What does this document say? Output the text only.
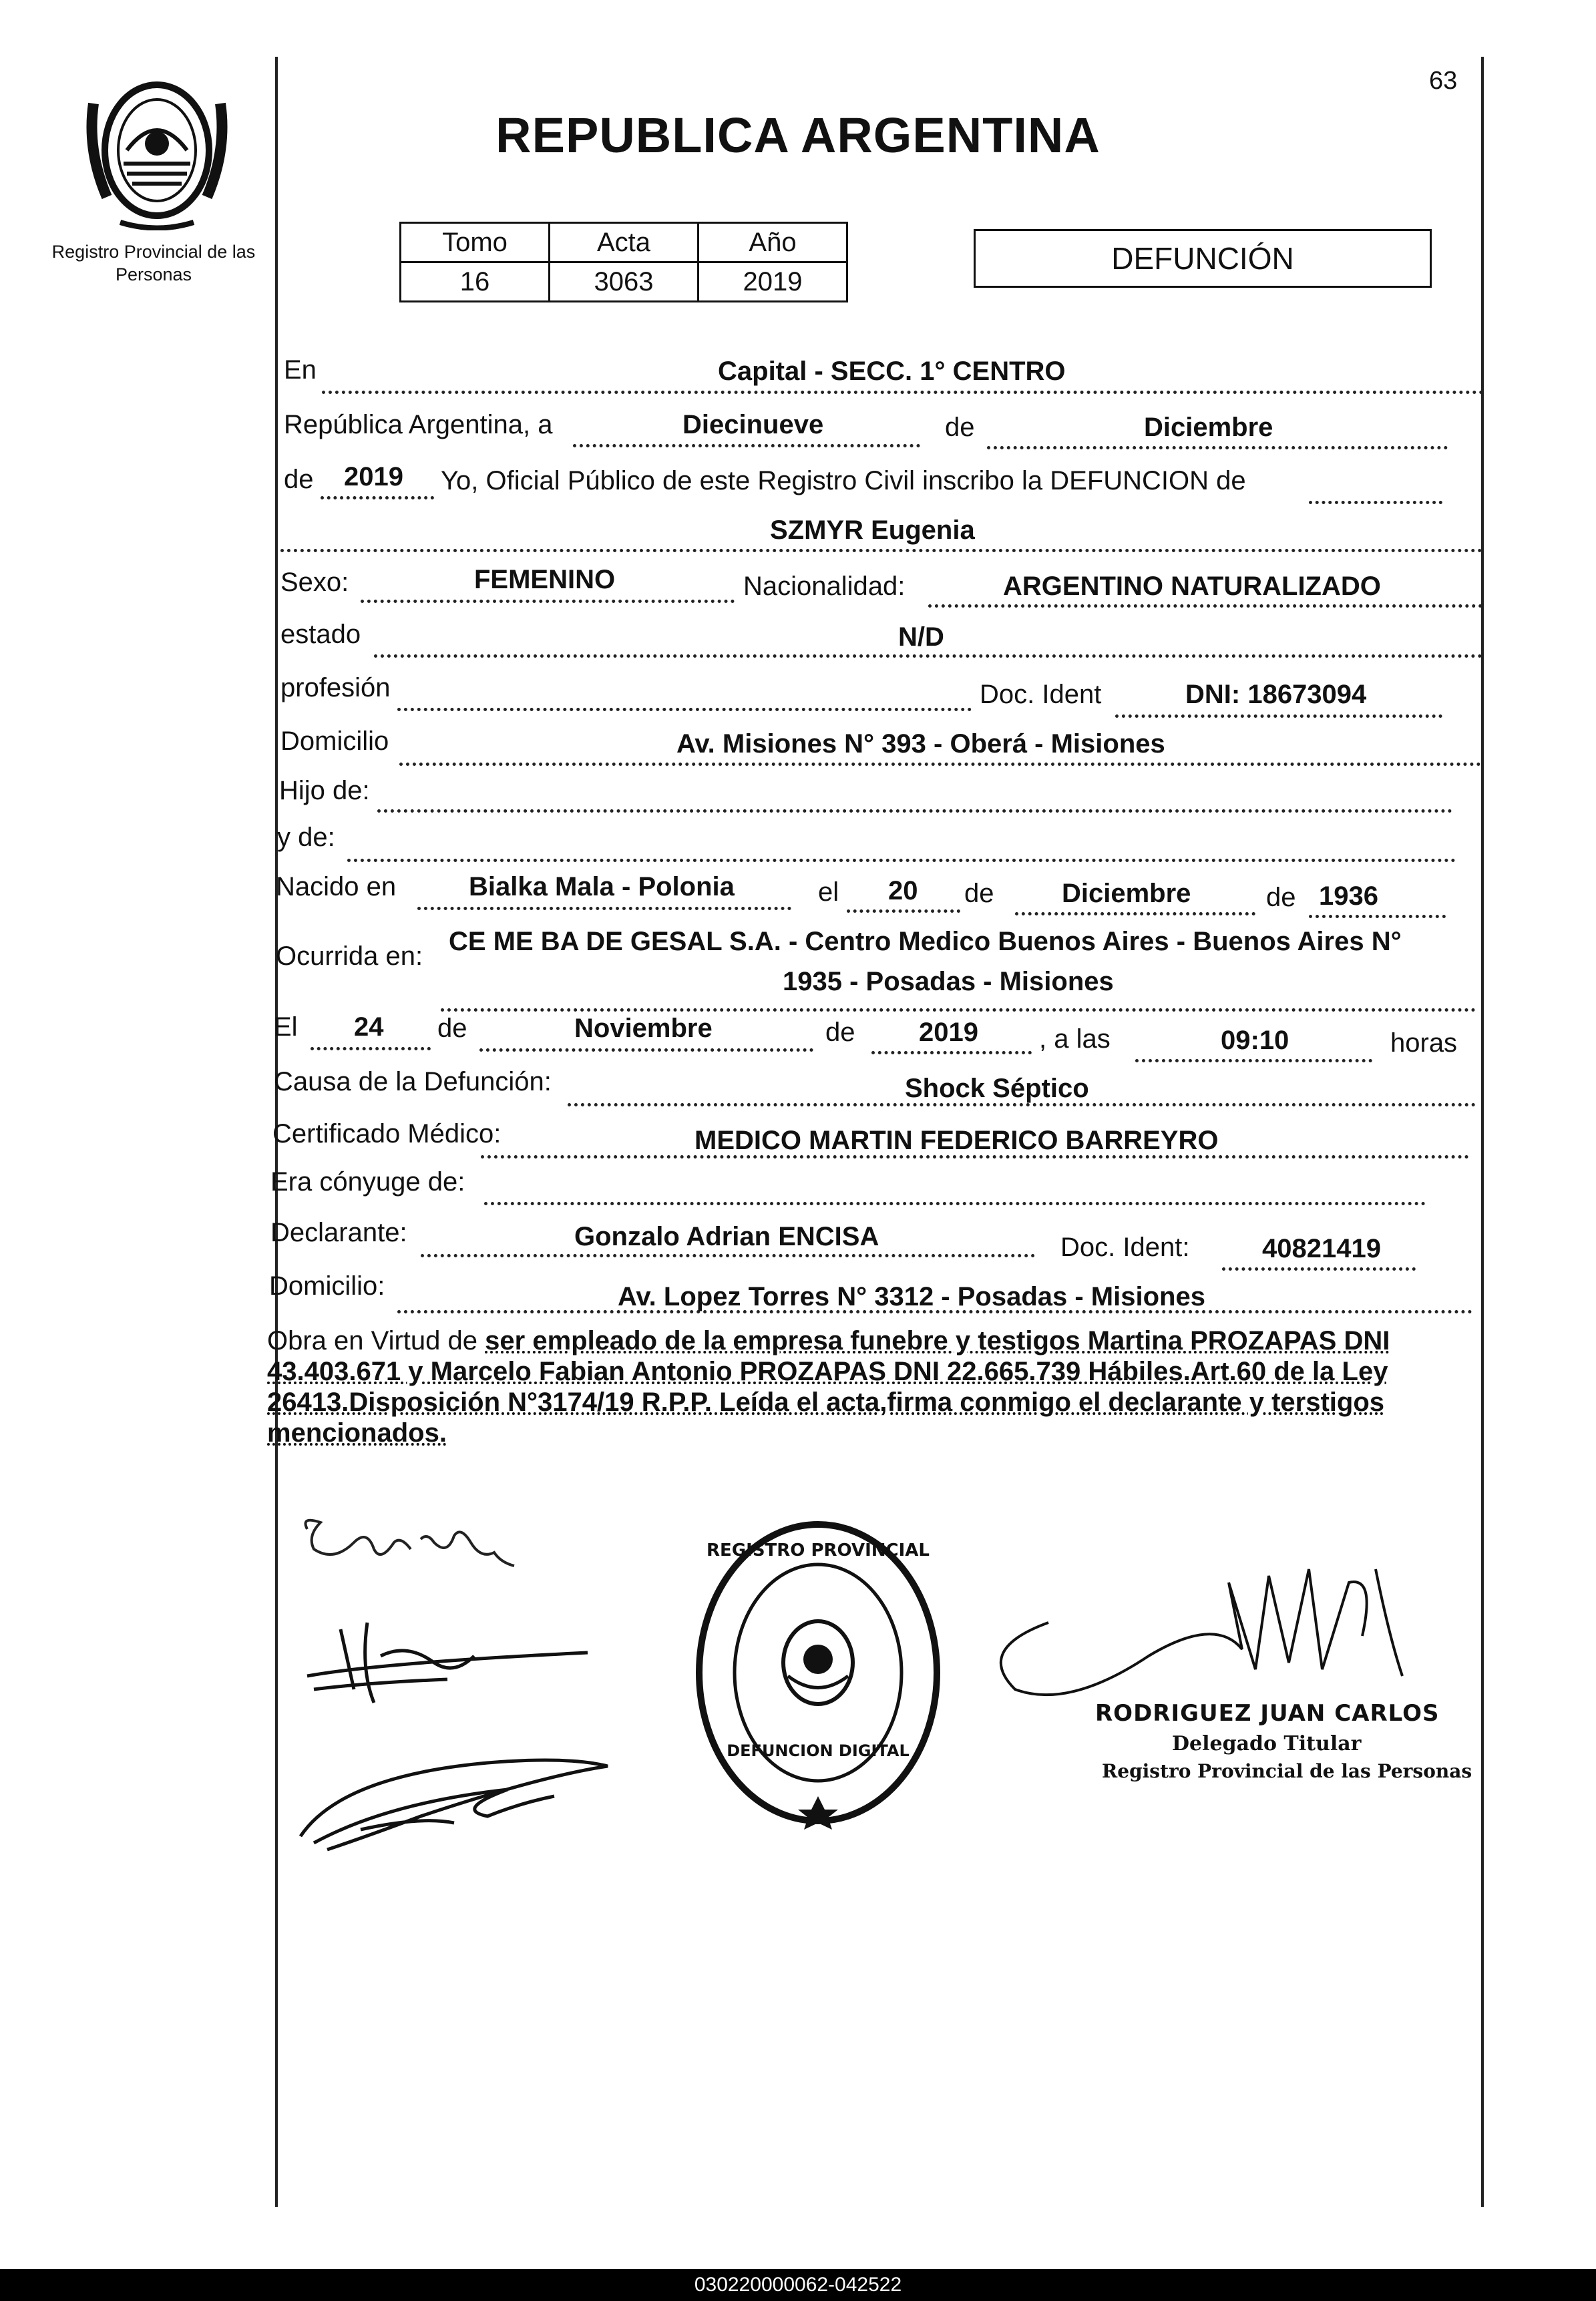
Registro Provincial de las Personas
63
REPUBLICA ARGENTINA
Tomo	Acta	Año
16	3063	2019
DEFUNCIÓN
En	Capital - SECC. 1° CENTRO
República Argentina, a	Diecinueve	de	Diciembre
de 2019 Yo, Oficial Público de este Registro Civil inscribo la DEFUNCION de
SZMYR Eugenia
Sexo:	FEMENINO	Nacionalidad:	ARGENTINO NATURALIZADO
estado	N/D
profesión	Doc. Ident	DNI: 18673094
Domicilio	Av. Misiones N° 393 - Oberá - Misiones
Hijo de:
y de:
Nacido en	Bialka Mala - Polonia	el 20 de	Diciembre	de 1936
Ocurrida en: CE ME BA DE GESAL S.A. - Centro Medico Buenos Aires - Buenos Aires N°
1935 - Posadas - Misiones
El 24 de	Noviembre	de 2019 , a las	09:10	horas
Causa de la Defunción:	Shock Séptico
Certificado Médico:	MEDICO MARTIN FEDERICO BARREYRO
Era cónyuge de:
Declarante:	Gonzalo Adrian ENCISA	Doc. Ident:	40821419
Domicilio:	Av. Lopez Torres N° 3312 - Posadas - Misiones
Obra en Virtud de ser empleado de la empresa funebre y testigos Martina PROZAPAS DNI 43.403.671 y Marcelo Fabian Antonio PROZAPAS DNI 22.665.739 Hábiles.Art.60 de la Ley 26413.Disposición N°3174/19 R.P.P. Leída el acta,firma conmigo el declarante y terstigos mencionados.
REGISTRO PROVINCIAL
DEFUNCION DIGITAL
RODRIGUEZ JUAN CARLOS
Delegado Titular
Registro Provincial de las Personas
030220000062-042522
